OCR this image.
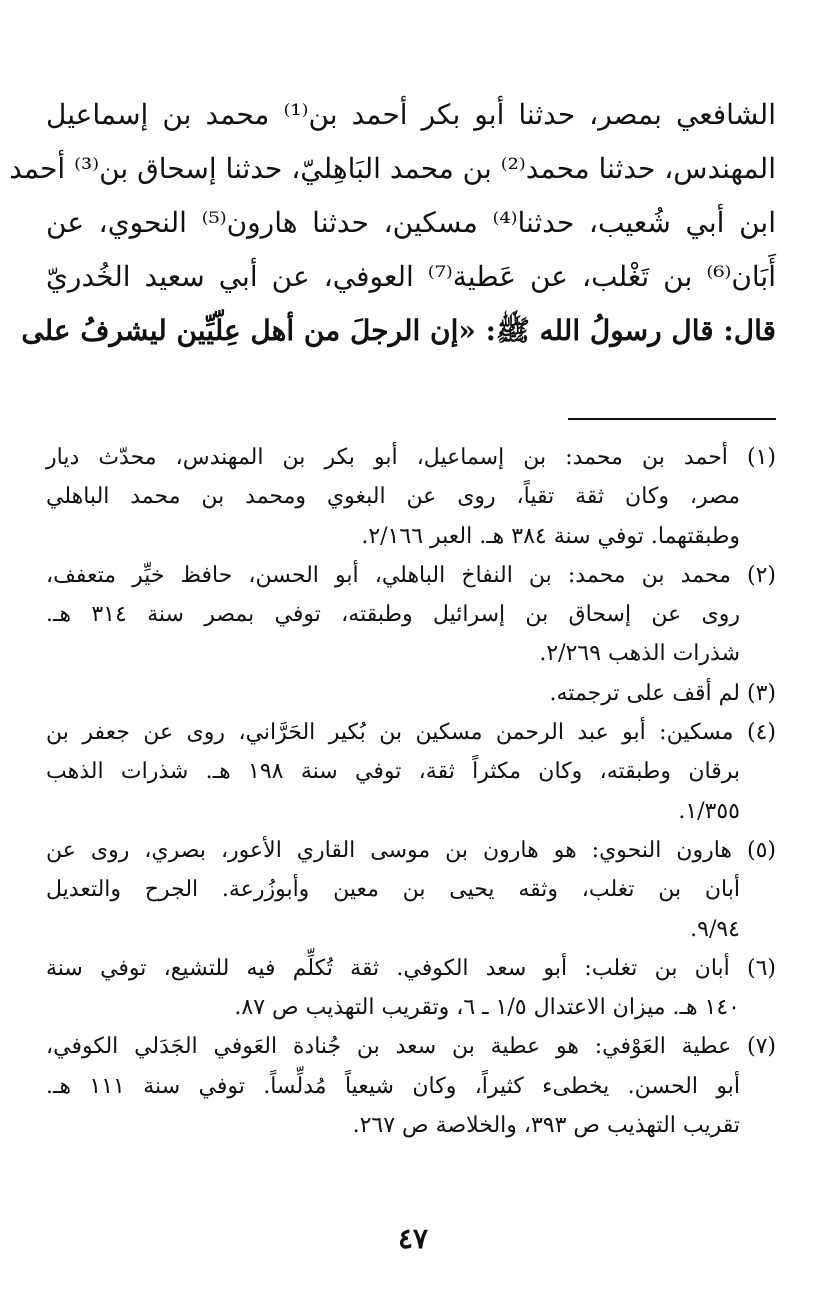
الشافعي بمصر، حدثنا أبو بكر أحمد بن⁽¹⁾ محمد بن إسماعيل
المهندس، حدثنا محمد⁽²⁾ بن محمد البَاهِليّ، حدثنا إسحاق بن⁽³⁾ أحمد
ابن أبي شُعيب، حدثنا⁽⁴⁾ مسكين، حدثنا هارون⁽⁵⁾ النحوي، عن
أَبَان⁽⁶⁾ بن تَغْلب، عن عَطية⁽⁷⁾ العوفي، عن أبي سعيد الخُدريّ
قال: قال رسولُ الله ﷺ: «إن الرجلَ من أهل عِلّيِّين ليشرفُ على
(١) أحمد بن محمد: بن إسماعيل، أبو بكر بن المهندس، محدّث ديار
مصر، وكان ثقة تقياً، روى عن البغوي ومحمد بن محمد الباهلي
وطبقتهما. توفي سنة ٣٨٤ هـ. العبر ٢/١٦٦.
(٢) محمد بن محمد: بن النفاخ الباهلي، أبو الحسن، حافظ خيِّر متعفف،
روى عن إسحاق بن إسرائيل وطبقته، توفي بمصر سنة ٣١٤ هـ.
شذرات الذهب ٢/٢٦٩.
(٣) لم أقف على ترجمته.
(٤) مسكين: أبو عبد الرحمن مسكين بن بُكير الحَرَّاني، روى عن جعفر بن
برقان وطبقته، وكان مكثراً ثقة، توفي سنة ١٩٨ هـ. شذرات الذهب
١/٣٥٥.
(٥) هارون النحوي: هو هارون بن موسى القاري الأعور، بصري، روى عن
أبان بن تغلب، وثقه يحيى بن معين وأبوزُرعة. الجرح والتعديل
٩/٩٤.
(٦) أبان بن تغلب: أبو سعد الكوفي. ثقة تُكلِّم فيه للتشيع، توفي سنة
١٤٠ هـ. ميزان الاعتدال ١/٥ ـ ٦، وتقريب التهذيب ص ٨٧.
(٧) عطية العَوْفي: هو عطية بن سعد بن جُنادة العَوفي الجَدَلي الكوفي،
أبو الحسن. يخطىء كثيراً، وكان شيعياً مُدلِّساً. توفي سنة ١١١ هـ.
تقريب التهذيب ص ٣٩٣، والخلاصة ص ٢٦٧.
٤٧
